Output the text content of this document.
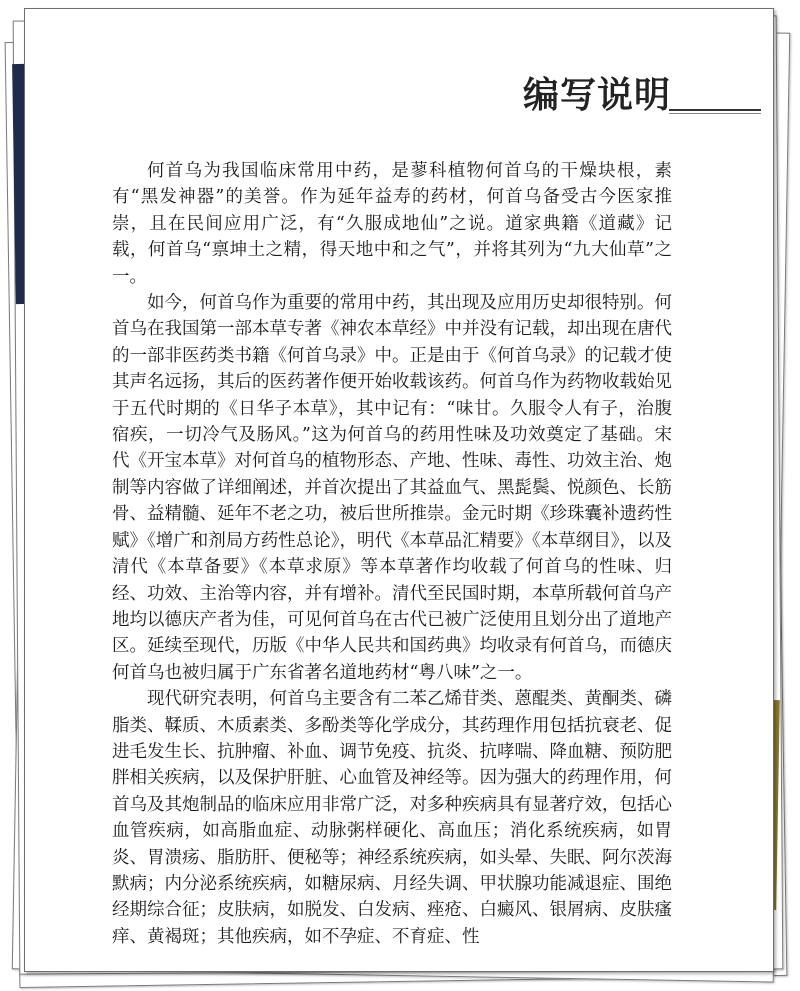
编写说明

何首乌为我国临床常用中药，是蓼科植物何首乌的干燥块根，素有“黑发神器”的美誉。作为延年益寿的药材，何首乌备受古今医家推崇，且在民间应用广泛，有“久服成地仙”之说。道家典籍《道藏》记载，何首乌“禀坤土之精，得天地中和之气”，并将其列为“九大仙草”之一。

如今，何首乌作为重要的常用中药，其出现及应用历史却很特别。何首乌在我国第一部本草专著《神农本草经》中并没有记载，却出现在唐代的一部非医药类书籍《何首乌录》中。正是由于《何首乌录》的记载才使其声名远扬，其后的医药著作便开始收载该药。何首乌作为药物收载始见于五代时期的《日华子本草》，其中记有：“味甘。久服令人有子，治腹宿疾，一切冷气及肠风。”这为何首乌的药用性味及功效奠定了基础。宋代《开宝本草》对何首乌的植物形态、产地、性味、毒性、功效主治、炮制等内容做了详细阐述，并首次提出了其益血气、黑髭鬓、悦颜色、长筋骨、益精髓、延年不老之功，被后世所推崇。金元时期《珍珠囊补遗药性赋》《增广和剂局方药性总论》，明代《本草品汇精要》《本草纲目》，以及清代《本草备要》《本草求原》等本草著作均收载了何首乌的性味、归经、功效、主治等内容，并有增补。清代至民国时期，本草所载何首乌产地均以德庆产者为佳，可见何首乌在古代已被广泛使用且划分出了道地产区。延续至现代，历版《中华人民共和国药典》均收录有何首乌，而德庆何首乌也被归属于广东省著名道地药材“粤八味”之一。

现代研究表明，何首乌主要含有二苯乙烯苷类、蒽醌类、黄酮类、磷脂类、鞣质、木质素类、多酚类等化学成分，其药理作用包括抗衰老、促进毛发生长、抗肿瘤、补血、调节免疫、抗炎、抗哮喘、降血糖、预防肥胖相关疾病，以及保护肝脏、心血管及神经等。因为强大的药理作用，何首乌及其炮制品的临床应用非常广泛，对多种疾病具有显著疗效，包括心血管疾病，如高脂血症、动脉粥样硬化、高血压；消化系统疾病，如胃炎、胃溃疡、脂肪肝、便秘等；神经系统疾病，如头晕、失眠、阿尔茨海默病；内分泌系统疾病，如糖尿病、月经失调、甲状腺功能减退症、围绝经期综合征；皮肤病，如脱发、白发病、痤疮、白癜风、银屑病、皮肤瘙痒、黄褐斑；其他疾病，如不孕症、不育症、性
